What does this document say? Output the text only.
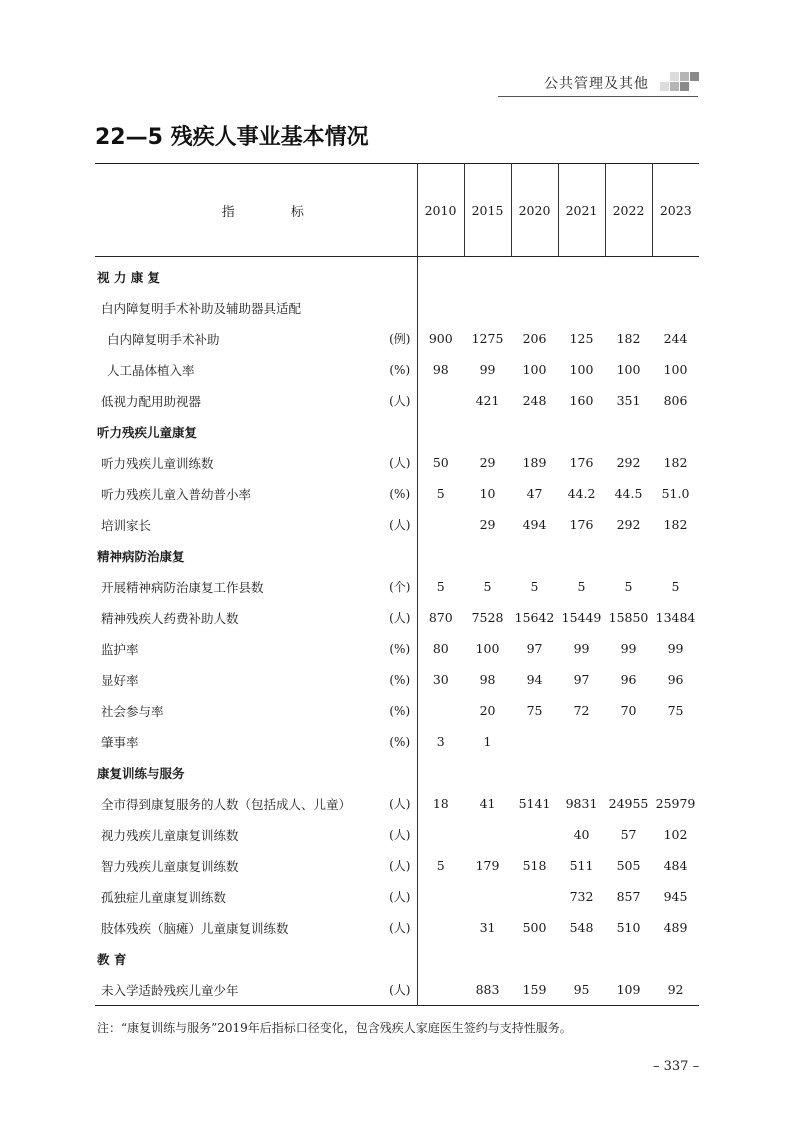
公共管理及其他
22—5 残疾人事业基本情况
指 标		2010	2015	2020	2021	2022	2023
视 力 康 复							
白内障复明手术补助及辅助器具适配							
白内障复明手术补助	(例)	900	1275	206	125	182	244
人工晶体植入率	(%)	98	99	100	100	100	100
低视力配用助视器	(人)		421	248	160	351	806
听力残疾儿童康复							
听力残疾儿童训练数	(人)	50	29	189	176	292	182
听力残疾儿童入普幼普小率	(%)	5	10	47	44.2	44.5	51.0
培训家长	(人)		29	494	176	292	182
精神病防治康复							
开展精神病防治康复工作县数	(个)	5	5	5	5	5	5
精神残疾人药费补助人数	(人)	870	7528	15642	15449	15850	13484
监护率	(%)	80	100	97	99	99	99
显好率	(%)	30	98	94	97	96	96
社会参与率	(%)		20	75	72	70	75
肇事率	(%)	3	1				
康复训练与服务							
全市得到康复服务的人数（包括成人、儿童）	(人)	18	41	5141	9831	24955	25979
视力残疾儿童康复训练数	(人)				40	57	102
智力残疾儿童康复训练数	(人)	5	179	518	511	505	484
孤独症儿童康复训练数	(人)				732	857	945
肢体残疾（脑瘫）儿童康复训练数	(人)		31	500	548	510	489
教 育							
未入学适龄残疾儿童少年	(人)		883	159	95	109	92
注：“康复训练与服务”2019年后指标口径变化，包含残疾人家庭医生签约与支持性服务。
– 337 –
